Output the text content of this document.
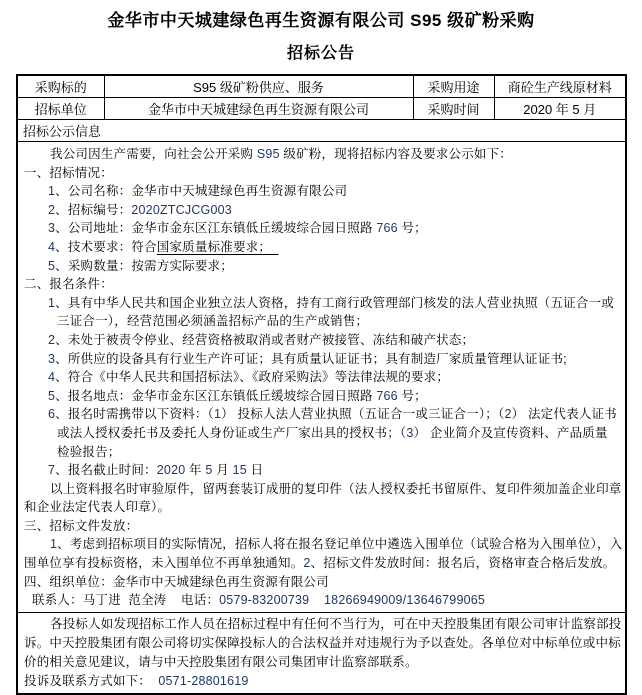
金华市中天城建绿色再生资源有限公司 S95 级矿粉采购
招标公告
采购标的	S95 级矿粉供应、服务	采购用途	商砼生产线原材料
招标单位	金华市中天城建绿色再生资源有限公司	采购时间	2020 年 5 月
招标公示信息			

我公司因生产需要，向社会公开采购 S95 级矿粉，现将招标内容及要求公示如下：
一、招标情况：
1、公司名称：金华市中天城建绿色再生资源有限公司
2、招标编号：2020ZTCJCG003
3、公司地址：金华市金东区江东镇低丘缓坡综合园日照路 766 号；
4、技术要求：符合国家质量标准要求；
5、采购数量：按需方实际要求；
二、报名条件：
1、具有中华人民共和国企业独立法人资格，持有工商行政管理部门核发的法人营业执照（五证合一或
三证合一），经营范围必须涵盖招标产品的生产或销售；
2、未处于被责令停业、经营资格被取消或者财产被接管、冻结和破产状态；
3、所供应的设备具有行业生产许可证；具有质量认证证书；具有制造厂家质量管理认证证书;
4、符合《中华人民共和国招标法》、《政府采购法》等法律法规的要求；
5、报名地点：金华市金东区江东镇低丘缓坡综合园日照路 766 号；
6、报名时需携带以下资料：（1） 投标人法人营业执照（五证合一或三证合一）；（2） 法定代表人证书
或法人授权委托书及委托人身份证或生产厂家出具的授权书；（3） 企业简介及宣传资料、产品质量
检验报告；
7、报名截止时间：2020 年 5 月 15 日
以上资料报名时审验原件，留两套装订成册的复印件（法人授权委托书留原件、复印件须加盖企业印章
和企业法定代表人印章）。
三、招标文件发放：
1、考虑到招标项目的实际情况，招标人将在报名登记单位中遴选入围单位（试验合格为入围单位），入
围单位享有投标资格，未入围单位不再单独通知。2、招标文件发放时间：报名后，资格审查合格后发放。
四、组织单位：金华市中天城建绿色再生资源有限公司
联系人：马丁进  范全涛    电话：0579-83200739 18266949009/13646799065

各投标人如发现招标工作人员在招标过程中有任何不当行为，可在中天控股集团有限公司审计监察部投
诉。中天控股集团有限公司将切实保障投标人的合法权益并对违规行为予以查处。各单位对中标单位或中标
价的相关意见建议，请与中天控股集团有限公司集团审计监察部联系。
投诉及联系方式如下：  0571-28801619			
